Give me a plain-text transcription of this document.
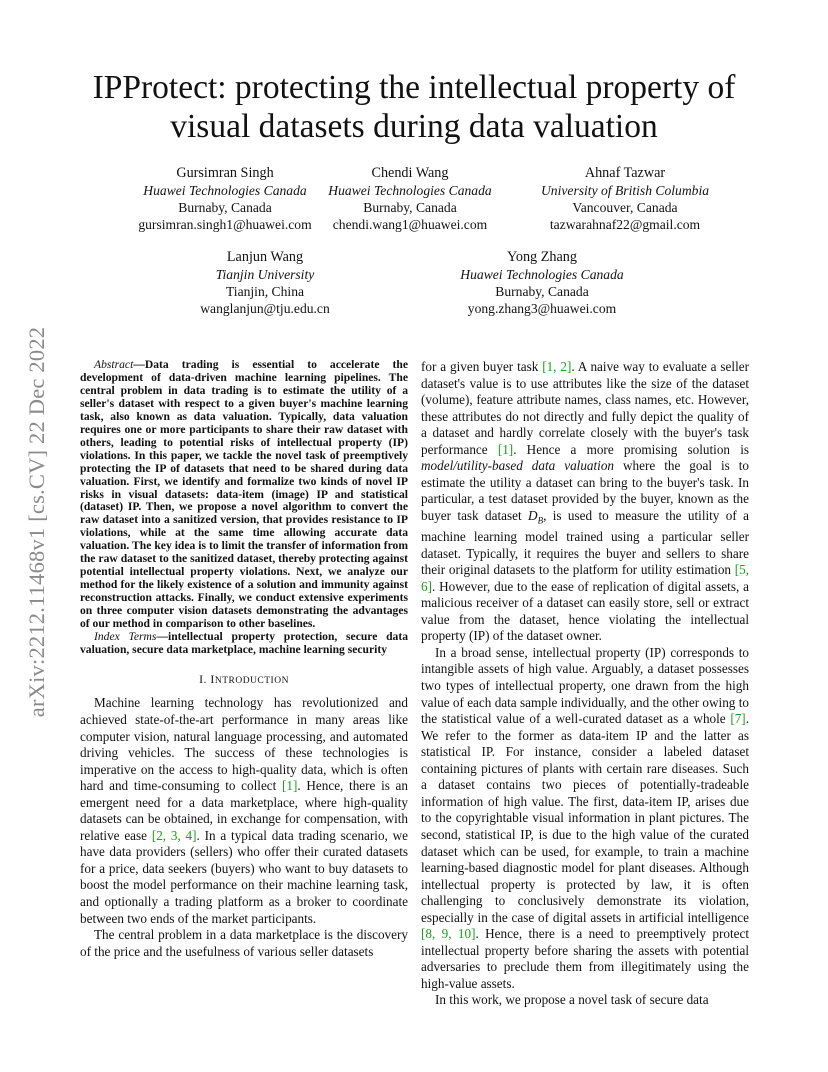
arXiv:2212.11468v1 [cs.CV] 22 Dec 2022
IPProtect: protecting the intellectual property of
visual datasets during data valuation
Gursimran Singh
Huawei Technologies Canada
Burnaby, Canada
gursimran.singh1@huawei.com
Chendi Wang
Huawei Technologies Canada
Burnaby, Canada
chendi.wang1@huawei.com
Ahnaf Tazwar
University of British Columbia
Vancouver, Canada
tazwarahnaf22@gmail.com
Lanjun Wang
Tianjin University
Tianjin, China
wanglanjun@tju.edu.cn
Yong Zhang
Huawei Technologies Canada
Burnaby, Canada
yong.zhang3@huawei.com
Abstract—Data trading is essential to accelerate the development of data-driven machine learning pipelines. The central problem in data trading is to estimate the utility of a seller's dataset with respect to a given buyer's machine learning task, also known as data valuation. Typically, data valuation requires one or more participants to share their raw dataset with others, leading to potential risks of intellectual property (IP) violations. In this paper, we tackle the novel task of preemptively protecting the IP of datasets that need to be shared during data valuation. First, we identify and formalize two kinds of novel IP risks in visual datasets: data-item (image) IP and statistical (dataset) IP. Then, we propose a novel algorithm to convert the raw dataset into a sanitized version, that provides resistance to IP violations, while at the same time allowing accurate data valuation. The key idea is to limit the transfer of information from the raw dataset to the sanitized dataset, thereby protecting against potential intellectual property violations. Next, we analyze our method for the likely existence of a solution and immunity against reconstruction attacks. Finally, we conduct extensive experiments on three computer vision datasets demonstrating the advantages of our method in comparison to other baselines.
Index Terms—intellectual property protection, secure data valuation, secure data marketplace, machine learning security
I. INTRODUCTION

Machine learning technology has revolutionized and achieved state-of-the-art performance in many areas like computer vision, natural language processing, and automated driving vehicles. The success of these technologies is imperative on the access to high-quality data, which is often hard and time-consuming to collect [1]. Hence, there is an emergent need for a data marketplace, where high-quality datasets can be obtained, in exchange for compensation, with relative ease [2, 3, 4]. In a typical data trading scenario, we have data providers (sellers) who offer their curated datasets for a price, data seekers (buyers) who want to buy datasets to boost the model performance on their machine learning task, and optionally a trading platform as a broker to coordinate between two ends of the market participants.

The central problem in a data marketplace is the discovery of the price and the usefulness of various seller datasets

for a given buyer task [1, 2]. A naive way to evaluate a seller dataset's value is to use attributes like the size of the dataset (volume), feature attribute names, class names, etc. However, these attributes do not directly and fully depict the quality of a dataset and hardly correlate closely with the buyer's task performance [1]. Hence a more promising solution is model/utility-based data valuation where the goal is to estimate the utility a dataset can bring to the buyer's task. In particular, a test dataset provided by the buyer, known as the buyer task dataset $D_B$, is used to measure the utility of a machine learning model trained using a particular seller dataset. Typically, it requires the buyer and sellers to share their original datasets to the platform for utility estimation [5, 6]. However, due to the ease of replication of digital assets, a malicious receiver of a dataset can easily store, sell or extract value from the dataset, hence violating the intellectual property (IP) of the dataset owner.

In a broad sense, intellectual property (IP) corresponds to intangible assets of high value. Arguably, a dataset possesses two types of intellectual property, one drawn from the high value of each data sample individually, and the other owing to the statistical value of a well-curated dataset as a whole [7]. We refer to the former as data-item IP and the latter as statistical IP. For instance, consider a labeled dataset containing pictures of plants with certain rare diseases. Such a dataset contains two pieces of potentially-tradeable information of high value. The first, data-item IP, arises due to the copyrightable visual information in plant pictures. The second, statistical IP, is due to the high value of the curated dataset which can be used, for example, to train a machine learning-based diagnostic model for plant diseases. Although intellectual property is protected by law, it is often challenging to conclusively demonstrate its violation, especially in the case of digital assets in artificial intelligence [8, 9, 10]. Hence, there is a need to preemptively protect intellectual property before sharing the assets with potential adversaries to preclude them from illegitimately using the high-value assets.

In this work, we propose a novel task of secure data
